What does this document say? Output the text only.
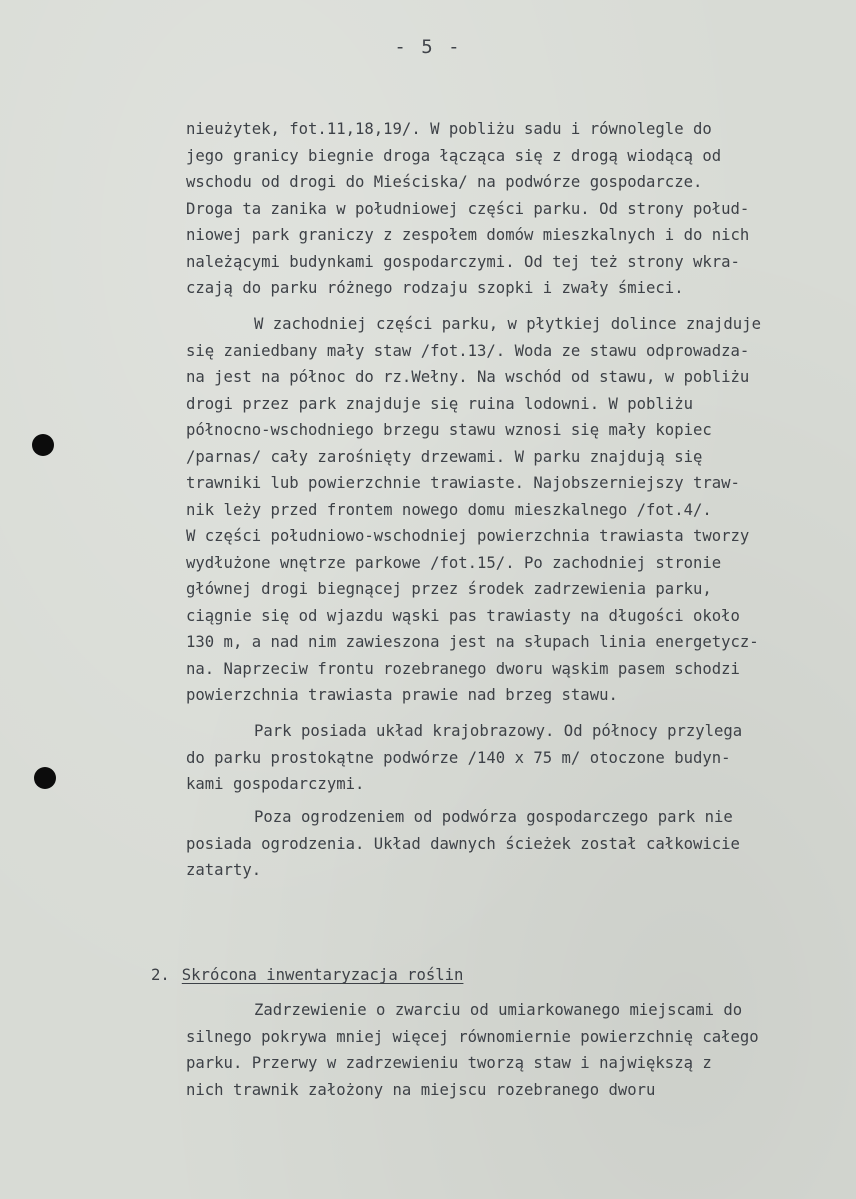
- 5 -
nieużytek, fot.11,18,19/. W pobliżu sadu i równolegle do
jego granicy biegnie droga łącząca się z drogą wiodącą od
wschodu od drogi do Mieściska/ na podwórze gospodarcze.
Droga ta zanika w południowej części parku. Od strony połud-
niowej park graniczy z zespołem domów mieszkalnych i do nich
należącymi budynkami gospodarczymi. Od tej też strony wkra-
czają do parku różnego rodzaju szopki i zwały śmieci.
W zachodniej części parku, w płytkiej dolince znajduje
się zaniedbany mały staw /fot.13/. Woda ze stawu odprowadza-
na jest na północ do rz.Wełny. Na wschód od stawu, w pobliżu
drogi przez park znajduje się ruina lodowni. W pobliżu
północno-wschodniego brzegu stawu wznosi się mały kopiec
/parnas/ cały zarośnięty drzewami. W parku znajdują się
trawniki lub powierzchnie trawiaste. Najobszerniejszy traw-
nik leży przed frontem nowego domu mieszkalnego /fot.4/.
W części południowo-wschodniej powierzchnia trawiasta tworzy
wydłużone wnętrze parkowe /fot.15/. Po zachodniej stronie
głównej drogi biegnącej przez środek zadrzewienia parku,
ciągnie się od wjazdu wąski pas trawiasty na długości około
130 m, a nad nim zawieszona jest na słupach linia energetycz-
na. Naprzeciw frontu rozebranego dworu wąskim pasem schodzi
powierzchnia trawiasta prawie nad brzeg stawu.
Park posiada układ krajobrazowy. Od północy przylega
do parku prostokątne podwórze /140 x 75 m/ otoczone budyn-
kami gospodarczymi.
Poza ogrodzeniem od podwórza gospodarczego park nie
posiada ogrodzenia. Układ dawnych ścieżek został całkowicie
zatarty.
2. Skrócona inwentaryzacja roślin
Zadrzewienie o zwarciu od umiarkowanego miejscami do
silnego pokrywa mniej więcej równomiernie powierzchnię całego
parku. Przerwy w zadrzewieniu tworzą staw i największą z
nich trawnik założony na miejscu rozebranego dworu
